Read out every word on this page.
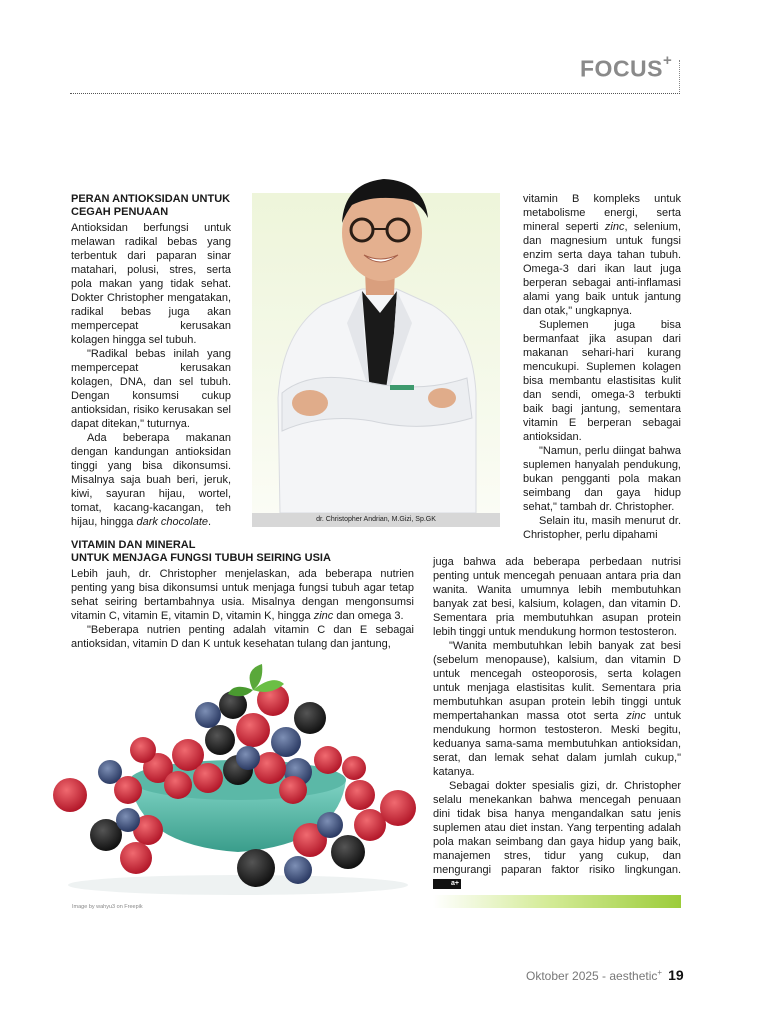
FOCUS+
PERAN ANTIOKSIDAN UNTUK
CEGAH PENUAAN

Antioksidan berfungsi untuk melawan radikal bebas yang terbentuk dari paparan sinar matahari, polusi, stres, serta pola makan yang tidak sehat. Dokter Christopher mengatakan, radikal bebas juga akan mempercepat kerusakan kolagen hingga sel tubuh.

"Radikal bebas inilah yang mempercepat kerusakan kolagen, DNA, dan sel tubuh. Dengan konsumsi cukup antioksidan, risiko kerusakan sel dapat ditekan," tuturnya.

Ada beberapa makanan dengan kandungan antioksidan tinggi yang bisa dikonsumsi. Misalnya saja buah beri, jeruk, kiwi, sayuran hijau, wortel, tomat, kacang-kacangan, teh hijau, hingga dark chocolate.	dr. Christopher Andrian, M.Gizi, Sp.GK

vitamin B kompleks untuk metabolisme energi, serta mineral seperti zinc, selenium, dan magnesium untuk fungsi enzim serta daya tahan tubuh. Omega-3 dari ikan laut juga berperan sebagai anti-inflamasi alami yang baik untuk jantung dan otak," ungkapnya.

Suplemen juga bisa bermanfaat jika asupan dari makanan sehari-hari kurang mencukupi. Suplemen kolagen bisa membantu elastisitas kulit dan sendi, omega-3 terbukti baik bagi jantung, sementara vitamin E berperan sebagai antioksidan.

"Namun, perlu diingat bahwa suplemen hanyalah pendukung, bukan pengganti pola makan seimbang dan gaya hidup sehat," tambah dr. Christopher.

Selain itu, masih menurut dr. Christopher, perlu dipahami

VITAMIN DAN MINERAL
UNTUK MENJAGA FUNGSI TUBUH SEIRING USIA

Lebih jauh, dr. Christopher menjelaskan, ada beberapa nutrien penting yang bisa dikonsumsi untuk menjaga fungsi tubuh agar tetap sehat seiring bertambahnya usia. Misalnya dengan mengonsumsi vitamin C, vitamin E, vitamin D, vitamin K, hingga zinc dan omega 3.

"Beberapa nutrien penting adalah vitamin C dan E sebagai antioksidan, vitamin D dan K untuk kesehatan tulang dan jantung,

juga bahwa ada beberapa perbedaan nutrisi penting untuk mencegah penuaan antara pria dan wanita. Wanita umumnya lebih membutuhkan banyak zat besi, kalsium, kolagen, dan vitamin D. Sementara pria membutuhkan asupan protein lebih tinggi untuk mendukung hormon testosteron.

"Wanita membutuhkan lebih banyak zat besi (sebelum menopause), kalsium, dan vitamin D untuk mencegah osteoporosis, serta kolagen untuk menjaga elastisitas kulit. Sementara pria membutuhkan asupan protein lebih tinggi untuk mempertahankan massa otot serta zinc untuk mendukung hormon testosteron. Meski begitu, keduanya sama-sama membutuhkan antioksidan, serat, dan lemak sehat dalam jumlah cukup," katanya.

Sebagai dokter spesialis gizi, dr. Christopher selalu menekankan bahwa mencegah penuaan dini tidak bisa hanya mengandalkan satu jenis suplemen atau diet instan. Yang terpenting adalah pola makan seimbang dan gaya hidup yang baik, manajemen stres, tidur yang cukup, dan mengurangi paparan faktor risiko lingkungan. a+

Image by wahyu3 on Freepik
Oktober 2025 - aesthetic+ 19
